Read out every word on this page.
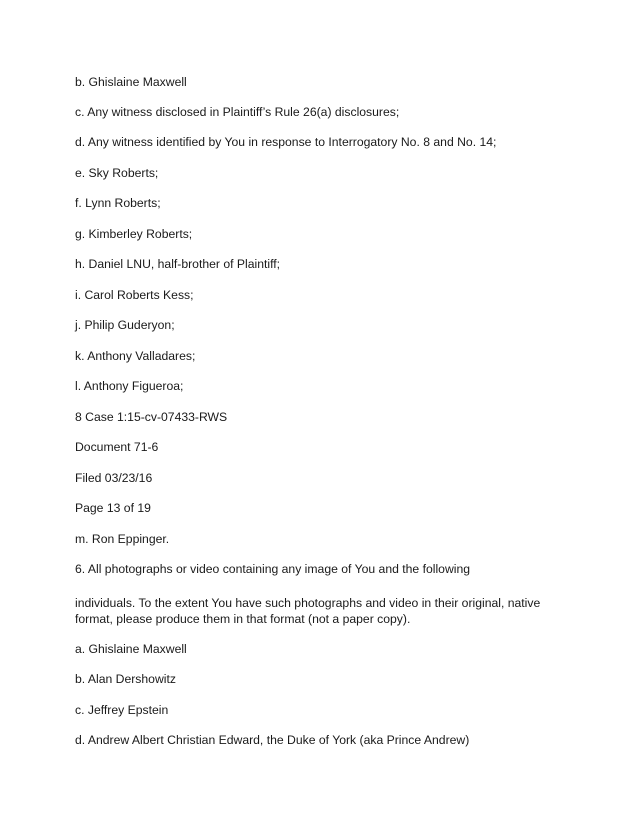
b. Ghislaine Maxwell
c. Any witness disclosed in Plaintiff’s Rule 26(a) disclosures;
d. Any witness identified by You in response to Interrogatory No. 8 and No. 14;
e. Sky Roberts;
f. Lynn Roberts;
g. Kimberley Roberts;
h. Daniel LNU, half-brother of Plaintiff;
i. Carol Roberts Kess;
j. Philip Guderyon;
k. Anthony Valladares;
l. Anthony Figueroa;
8 Case 1:15-cv-07433-RWS
Document 71-6
Filed 03/23/16
Page 13 of 19
m. Ron Eppinger.
6. All photographs or video containing any image of You and the following
individuals. To the extent You have such photographs and video in their original, native format, please produce them in that format (not a paper copy).
a. Ghislaine Maxwell
b. Alan Dershowitz
c. Jeffrey Epstein
d. Andrew Albert Christian Edward, the Duke of York (aka Prince Andrew)
